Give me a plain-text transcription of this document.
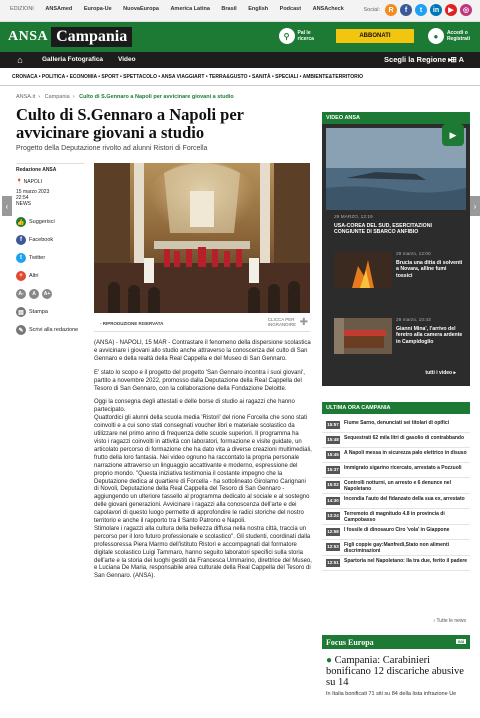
EDIZIONI ANSAmed Europa-Ue NuovaEuropa America Latina Brasil English Podcast ANSAcheck	Social:	R	f	t	in	▶	◎
ANSA Campania	⚲	Pal le
ricerca	ABBONATI	●	Accedi o
Registrati
⌂	Galleria Fotografica Video	Scegli la Regione ▸
⊞ A
CRONACA • POLITICA • ECONOMIA • SPORT • SPETTACOLO • ANSA VIAGGIART • TERRA&GUSTO • SANITÀ • SPECIALI • AMBIENTE&TERRITORIO
ANSA.it › Campania › Culto di S.Gennaro a Napoli per avvicinare giovani a studio
Culto di S.Gennaro a Napoli per avvicinare giovani a studio
Progetto della Deputazione rivolto ad alunni Ristori di Forcella
Redazione ANSA
📍 NAPOLI
15 marzo 2023
22:54
NEWS
👍 Suggerisci
f	Facebook
t	Twitter
+	Altri
A-	A	A+
▤ Stampa
✎ Scrivi alla redazione
- RIPRODUZIONE RISERVATA
CLICCA PER
INGRANDIRE ✚

(ANSA) - NAPOLI, 15 MAR - Contrastare il fenomeno della dispersione scolastica e avvicinare i giovani allo studio anche attraverso la conoscenza del culto di San Gennaro e della realtà della Real Cappella e del Museo di San Gennaro.

E' stato lo scopo e il progetto del progetto 'San Gennaro incontra i suoi giovani', partito a novembre 2022, promosso dalla Deputazione della Real Cappella del Tesoro di San Gennaro, con la collaborazione della Fondazione Deloitte.

Oggi la consegna degli attestati e delle borse di studio ai ragazzi che hanno partecipato.
Quattordici gli alunni della scuola media 'Ristori' del rione Forcella che sono stati coinvolti e a cui sono stati consegnati voucher libri e materiale scolastico da utilizzare nel primo anno di frequenza delle scuole superiori. Il programma ha visto i ragazzi coinvolti in attività con laboratori, formazione e visite guidate, un articolato percorso di formazione che ha dato vita a diverse creazioni multimediali, frutto della loro fantasia. Nei video ognuno ha raccontato la propria personale narrazione attraverso un linguaggio accattivante e moderno, espressione del proprio mondo. "Questa iniziativa testimonia il costante impegno che la Deputazione dedica al quartiere di Forcella - ha sottolineato Girolamo Carignani di Novoli, Deputazione della Real Cappella del Tesoro di San Gennaro - aggiungendo un ulteriore tassello al programma dedicato al sociale e al sostegno delle giovani generazioni. Avvicinare i ragazzi alla conoscenza dell'arte e dei capolavori di questo luogo permette di approfondire le radici storiche del nostro territorio e anche il rapporto tra il Santo Patrono e Napoli.
Stimolare i ragazzi alla cultura della bellezza diffusa nella nostra città, traccia un percorso per il loro futuro professionale e scolastico". Gli studenti, coordinati dalla professoressa Piera Marmo dell'istituto Ristori e accompagnati dal formatore digitale scolastico Luigi Tammaro, hanno seguito laboratori specifici sulla storia dell'arte e la storia dei luoghi gestiti da Francesca Ummarino, direttrice del Museo, e Luciana De Maria, responsabile area culturale della Real Cappella del Tesoro di San Gennaro. (ANSA).

VIDEO ANSA
▶
29 MARZO, 12:19
USA-COREA DEL SUD, ESERCITAZIONI CONGIUNTE DI SBARCO ANFIBIO
29 marzo, 12:00
Brucia una ditta di solventi a Novara, alline fumi tossici
29 marzo, 10:43
Gianni Mina', l'arrivo del feretro alla camera ardente in Campidoglio
tutti i video ▸
ULTIMA ORA CAMPANIA
15:57 Fiume Sarno, denunciati sei titolari di opifici
15:48 Sequestrati 62 mila litri di gasolio di contrabbando
15:45 A Napoli messa in sicurezza palo elettrico in disuso
15:37 Immigrato sigarino ricercato, arrestato a Pozzuoli
15:02 Controlli notturni, un arresto e 6 denunce nel Napoletano
14:30 Incendia l'auto del fidanzato della sua ex, arrestato
13:24 Terremoto di magnitudo 4.8 in provincia di Campobasso
12:58 I fossile di dinosauro Ciro 'vola' in Giappone
12:53 Figli coppie gay:Manfredi,Stato non alimenti discriminazioni
12:51 Spartoria nel Napoletano: Ila tra due, ferito il padere
› Tutte le news
Focus Europa	vai
● Campania: Carabinieri bonificano 12 discariche abusive su 14
In Italia bonificati 71 siti su 84 della lista infrazione Ue
‹	›
